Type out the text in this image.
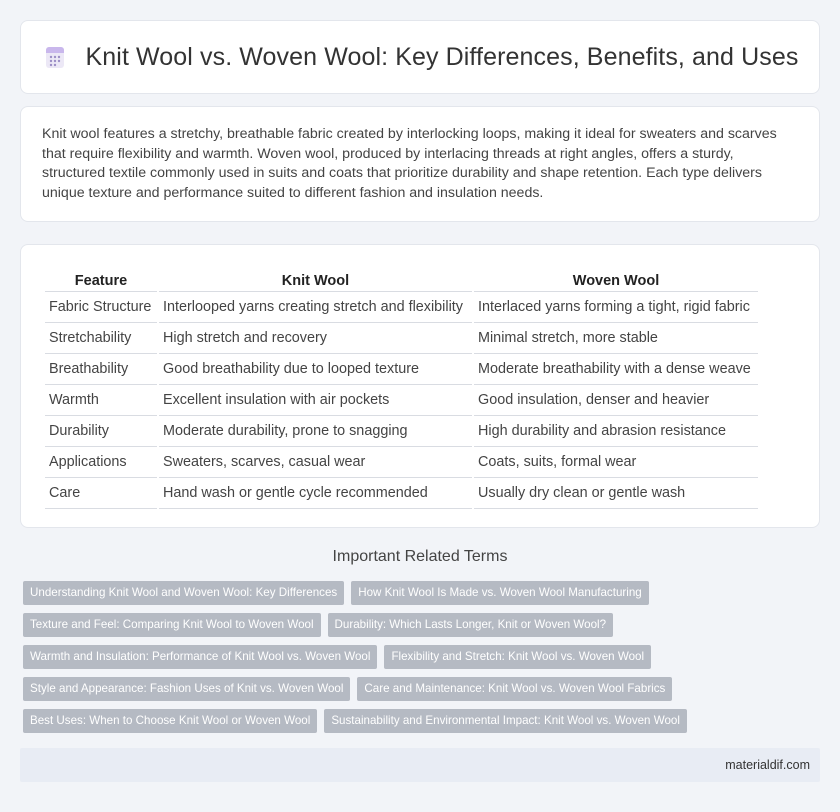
Knit Wool vs. Woven Wool: Key Differences, Benefits, and Uses

Knit wool features a stretchy, breathable fabric created by interlocking loops, making it ideal for sweaters and scarves that require flexibility and warmth. Woven wool, produced by interlacing threads at right angles, offers a sturdy, structured textile commonly used in suits and coats that prioritize durability and shape retention. Each type delivers unique texture and performance suited to different fashion and insulation needs.

Feature	Knit Wool	Woven Wool
Fabric Structure	Interlooped yarns creating stretch and flexibility	Interlaced yarns forming a tight, rigid fabric
Stretchability	High stretch and recovery	Minimal stretch, more stable
Breathability	Good breathability due to looped texture	Moderate breathability with a dense weave
Warmth	Excellent insulation with air pockets	Good insulation, denser and heavier
Durability	Moderate durability, prone to snagging	High durability and abrasion resistance
Applications	Sweaters, scarves, casual wear	Coats, suits, formal wear
Care	Hand wash or gentle cycle recommended	Usually dry clean or gentle wash
Important Related Terms
Understanding Knit Wool and Woven Wool: Key Differences	How Knit Wool Is Made vs. Woven Wool Manufacturing
Texture and Feel: Comparing Knit Wool to Woven Wool	Durability: Which Lasts Longer, Knit or Woven Wool?
Warmth and Insulation: Performance of Knit Wool vs. Woven Wool	Flexibility and Stretch: Knit Wool vs. Woven Wool
Style and Appearance: Fashion Uses of Knit vs. Woven Wool	Care and Maintenance: Knit Wool vs. Woven Wool Fabrics
Best Uses: When to Choose Knit Wool or Woven Wool	Sustainability and Environmental Impact: Knit Wool vs. Woven Wool
materialdif.com
